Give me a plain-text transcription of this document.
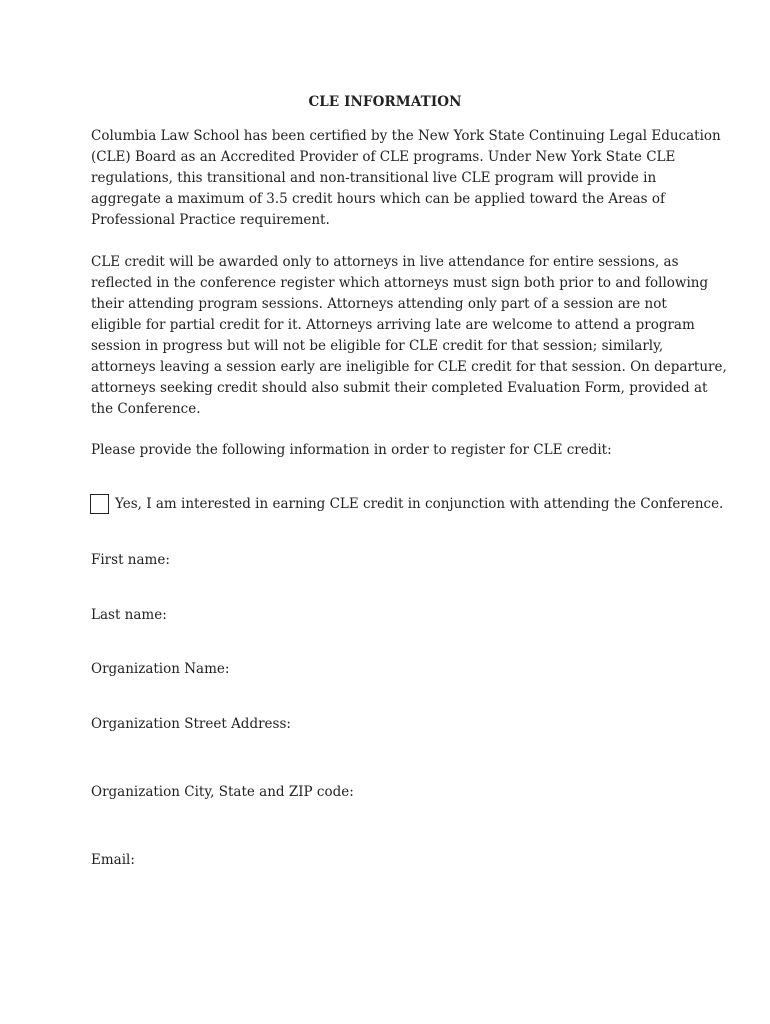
CLE INFORMATION
Columbia Law School has been certified by the New York State Continuing Legal Education
(CLE) Board as an Accredited Provider of CLE programs. Under New York State CLE
regulations, this transitional and non-transitional live CLE program will provide in
aggregate a maximum of 3.5 credit hours which can be applied toward the Areas of
Professional Practice requirement.
CLE credit will be awarded only to attorneys in live attendance for entire sessions, as
reflected in the conference register which attorneys must sign both prior to and following
their attending program sessions. Attorneys attending only part of a session are not
eligible for partial credit for it. Attorneys arriving late are welcome to attend a program
session in progress but will not be eligible for CLE credit for that session; similarly,
attorneys leaving a session early are ineligible for CLE credit for that session. On departure,
attorneys seeking credit should also submit their completed Evaluation Form, provided at
the Conference.
Please provide the following information in order to register for CLE credit:
Yes, I am interested in earning CLE credit in conjunction with attending the Conference.
First name:
Last name:
Organization Name:
Organization Street Address:
Organization City, State and ZIP code:
Email:
